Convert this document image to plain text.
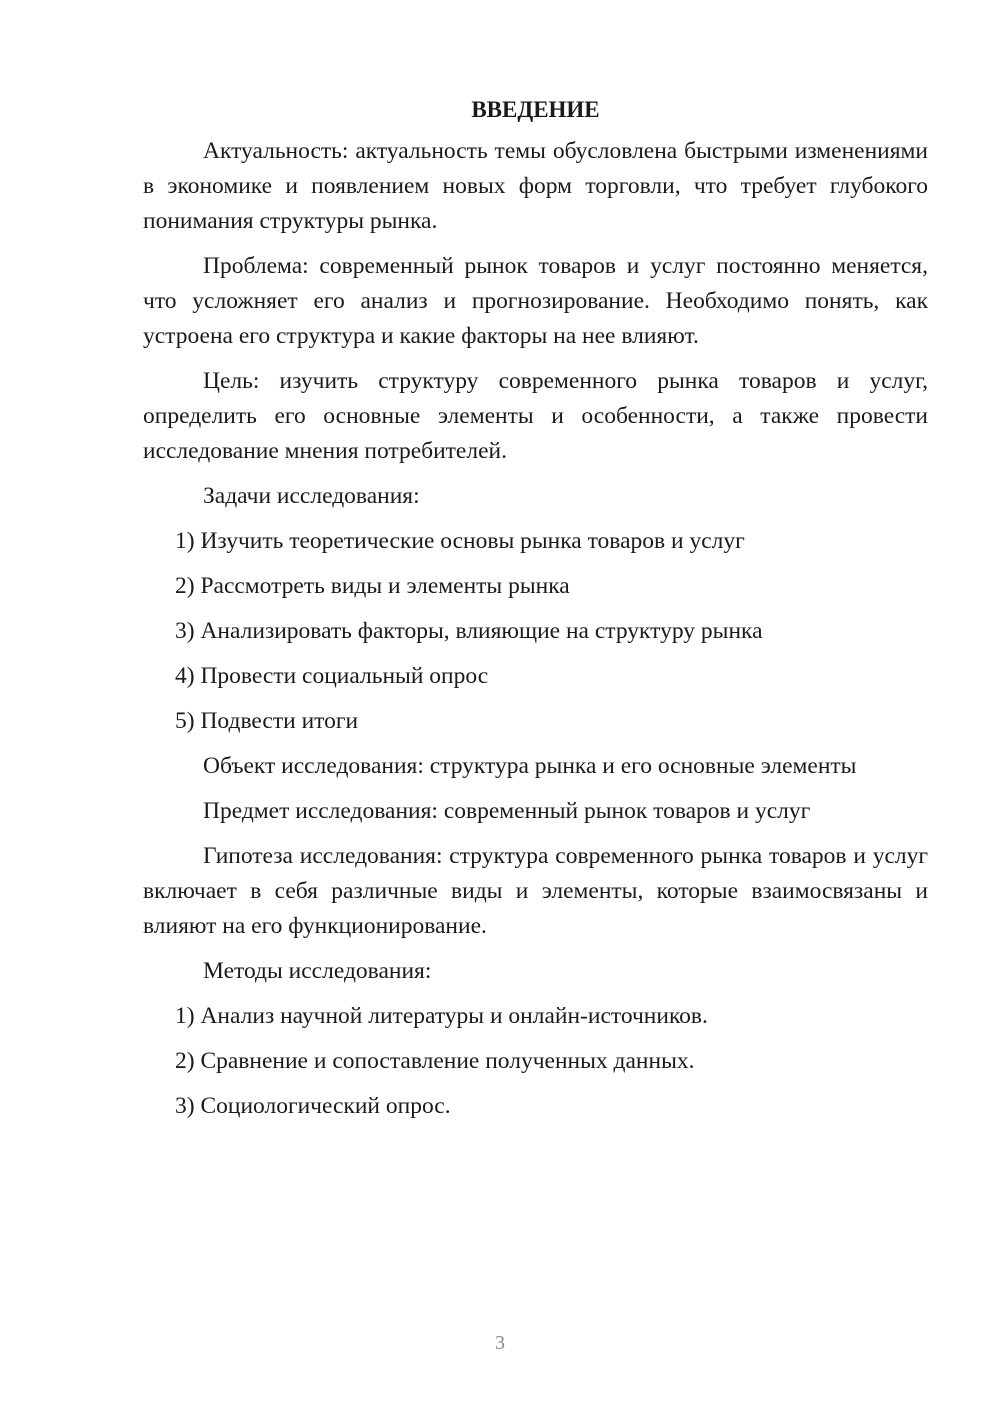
ВВЕДЕНИЕ

Актуальность: актуальность темы обусловлена быстрыми изменениями в экономике и появлением новых форм торговли, что требует глубокого понимания структуры рынка.

Проблема: современный рынок товаров и услуг постоянно меняется, что усложняет его анализ и прогнозирование. Необходимо понять, как устроена его структура и какие факторы на нее влияют.

Цель: изучить структуру современного рынка товаров и услуг, определить его основные элементы и особенности, а также провести исследование мнения потребителей.

Задачи исследования:
1) Изучить теоретические основы рынка товаров и услуг
2) Рассмотреть виды и элементы рынка
3) Анализировать факторы, влияющие на структуру рынка
4) Провести социальный опрос
5) Подвести итоги
Объект исследования: структура рынка и его основные элементы
Предмет исследования: современный рынок товаров и услуг

Гипотеза исследования: структура современного рынка товаров и услуг включает в себя различные виды и элементы, которые взаимосвязаны и влияют на его функционирование.

Методы исследования:
1) Анализ научной литературы и онлайн-источников.
2) Сравнение и сопоставление полученных данных.
3) Социологический опрос.
3
